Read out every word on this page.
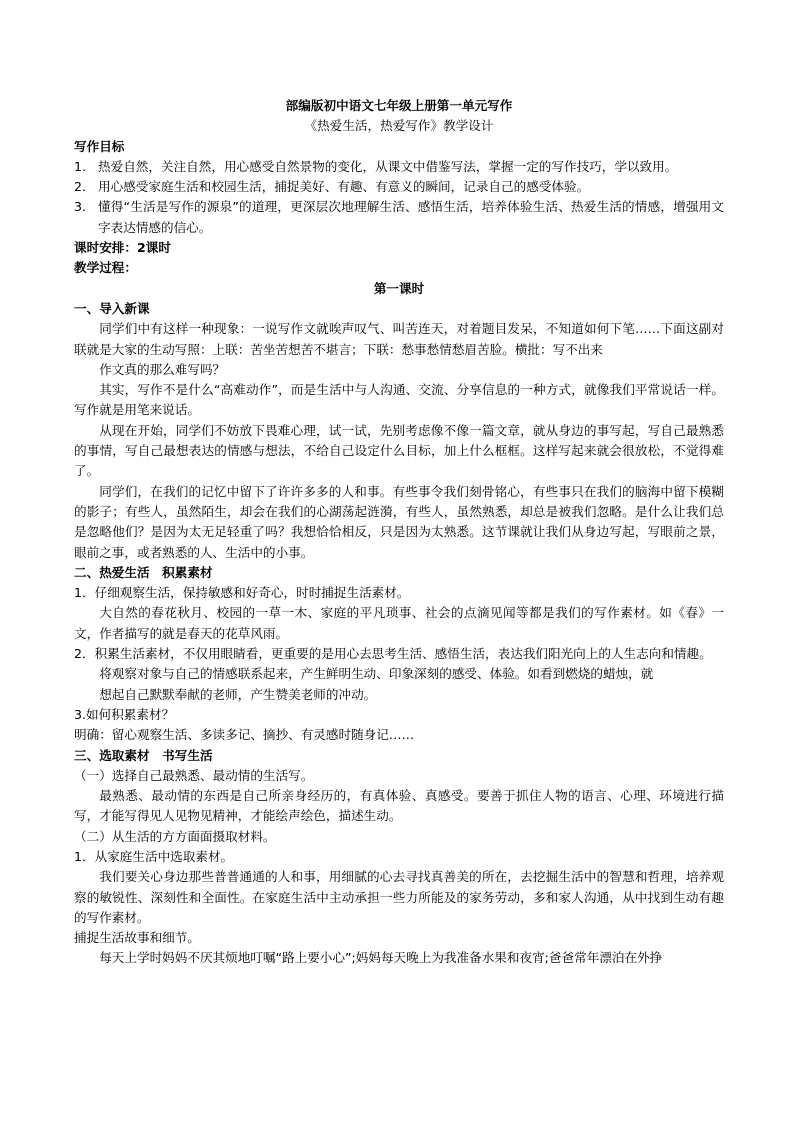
部编版初中语文七年级上册第一单元写作

《热爱生活，热爱写作》教学设计

写作目标

1. 热爱自然，关注自然，用心感受自然景物的变化，从课文中借鉴写法，掌握一定的写作技巧，学以致用。
2. 用心感受家庭生活和校园生活，捕捉美好、有趣、有意义的瞬间，记录自己的感受体验。
3. 懂得“生活是写作的源泉”的道理，更深层次地理解生活、感悟生活，培养体验生活、热爱生活的情感，增强用文字表达情感的信心。

课时安排：2课时

教学过程：

第一课时

一、导入新课

同学们中有这样一种现象：一说写作文就唉声叹气、叫苦连天，对着题目发呆，不知道如何下笔……下面这副对联就是大家的生动写照：上联：苦坐苦想苦不堪言；下联：愁事愁情愁眉苦脸。横批：写不出来

作文真的那么难写吗？

其实，写作不是什么“高难动作”，而是生活中与人沟通、交流、分享信息的一种方式，就像我们平常说话一样。写作就是用笔来说话。

从现在开始，同学们不妨放下畏难心理，试一试，先别考虑像不像一篇文章，就从身边的事写起，写自己最熟悉的事情，写自己最想表达的情感与想法，不给自己设定什么目标，加上什么框框。这样写起来就会很放松，不觉得难了。

同学们，在我们的记忆中留下了许许多多的人和事。有些事令我们刻骨铭心，有些事只在我们的脑海中留下模糊的影子；有些人，虽然陌生，却会在我们的心湖荡起涟漪，有些人，虽然熟悉，却总是被我们忽略。是什么让我们总是忽略他们？是因为太无足轻重了吗？我想恰恰相反，只是因为太熟悉。这节课就让我们从身边写起，写眼前之景，眼前之事，或者熟悉的人、生活中的小事。

二、热爱生活　积累素材

1．仔细观察生活，保持敏感和好奇心，时时捕捉生活素材。

大自然的春花秋月、校园的一草一木、家庭的平凡琐事、社会的点滴见闻等都是我们的写作素材。如《春》一文，作者描写的就是春天的花草风雨。

2．积累生活素材，不仅用眼睛看，更重要的是用心去思考生活、感悟生活，表达我们阳光向上的人生志向和情趣。

将观察对象与自己的情感联系起来，产生鲜明生动、印象深刻的感受、体验。如看到燃烧的蜡烛，就

想起自己默默奉献的老师，产生赞美老师的冲动。

3.如何积累素材？

明确：留心观察生活、多读多记、摘抄、有灵感时随身记……

三、选取素材　书写生活

（一）选择自己最熟悉、最动情的生活写。

最熟悉、最动情的东西是自己所亲身经历的，有真体验、真感受。要善于抓住人物的语言、心理、环境进行描写，才能写得见人见物见精神，才能绘声绘色，描述生动。

（二）从生活的方方面面摄取材料。

1．从家庭生活中选取素材。

我们要关心身边那些普普通通的人和事，用细腻的心去寻找真善美的所在，去挖掘生活中的智慧和哲理，培养观察的敏锐性、深刻性和全面性。在家庭生活中主动承担一些力所能及的家务劳动，多和家人沟通，从中找到生动有趣的写作素材。

捕捉生活故事和细节。

每天上学时妈妈不厌其烦地叮嘱“路上要小心”;妈妈每天晚上为我准备水果和夜宵;爸爸常年漂泊在外挣
